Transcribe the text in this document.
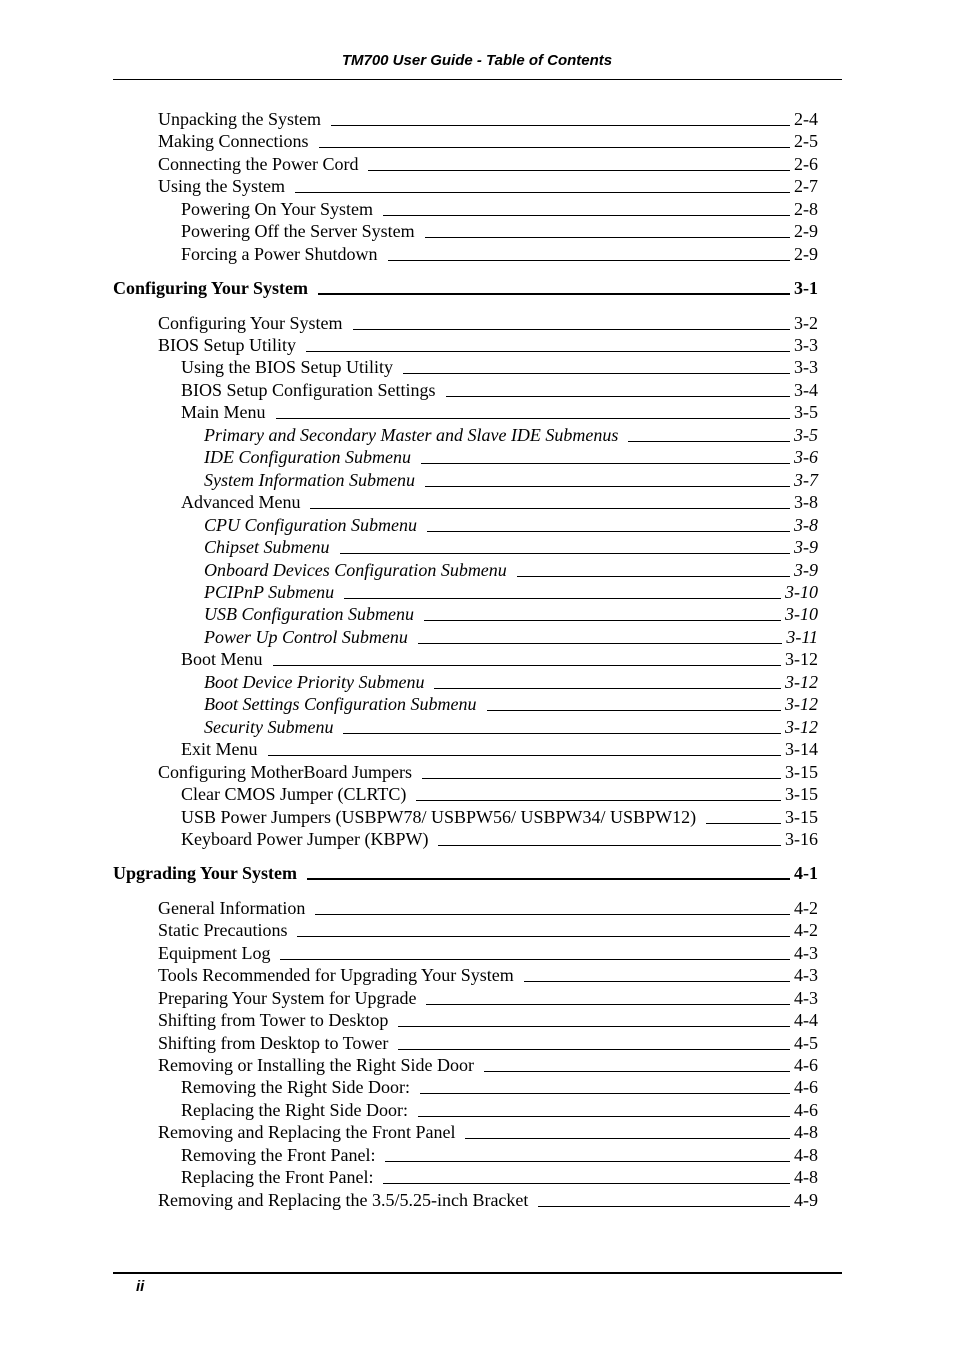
TM700 User Guide - Table of Contents
Unpacking the System	2-4
Making Connections	2-5
Connecting the Power Cord	2-6
Using the System	2-7
Powering On Your System	2-8
Powering Off the Server System	2-9
Forcing a Power Shutdown	2-9
Configuring Your System	3-1
Configuring Your System	3-2
BIOS Setup Utility	3-3
Using the BIOS Setup Utility	3-3
BIOS Setup Configuration Settings	3-4
Main Menu	3-5
Primary and Secondary Master and Slave IDE Submenus	3-5
IDE Configuration Submenu	3-6
System Information Submenu	3-7
Advanced Menu	3-8
CPU Configuration Submenu	3-8
Chipset Submenu	3-9
Onboard Devices Configuration Submenu	3-9
PCIPnP Submenu	3-10
USB Configuration Submenu	3-10
Power Up Control Submenu	3-11
Boot Menu	3-12
Boot Device Priority Submenu	3-12
Boot Settings Configuration Submenu	3-12
Security Submenu	3-12
Exit Menu	3-14
Configuring MotherBoard Jumpers	3-15
Clear CMOS Jumper (CLRTC)	3-15
USB Power Jumpers (USBPW78/ USBPW56/ USBPW34/ USBPW12)	3-15
Keyboard Power Jumper (KBPW)	3-16
Upgrading Your System	4-1
General Information	4-2
Static Precautions	4-2
Equipment Log	4-3
Tools Recommended for Upgrading Your System	4-3
Preparing Your System for Upgrade	4-3
Shifting from Tower to Desktop	4-4
Shifting from Desktop to Tower	4-5
Removing or Installing the Right Side Door	4-6
Removing the Right Side Door:	4-6
Replacing the Right Side Door:	4-6
Removing and Replacing the Front Panel	4-8
Removing the Front Panel:	4-8
Replacing the Front Panel:	4-8
Removing and Replacing the 3.5/5.25-inch Bracket	4-9
ii
